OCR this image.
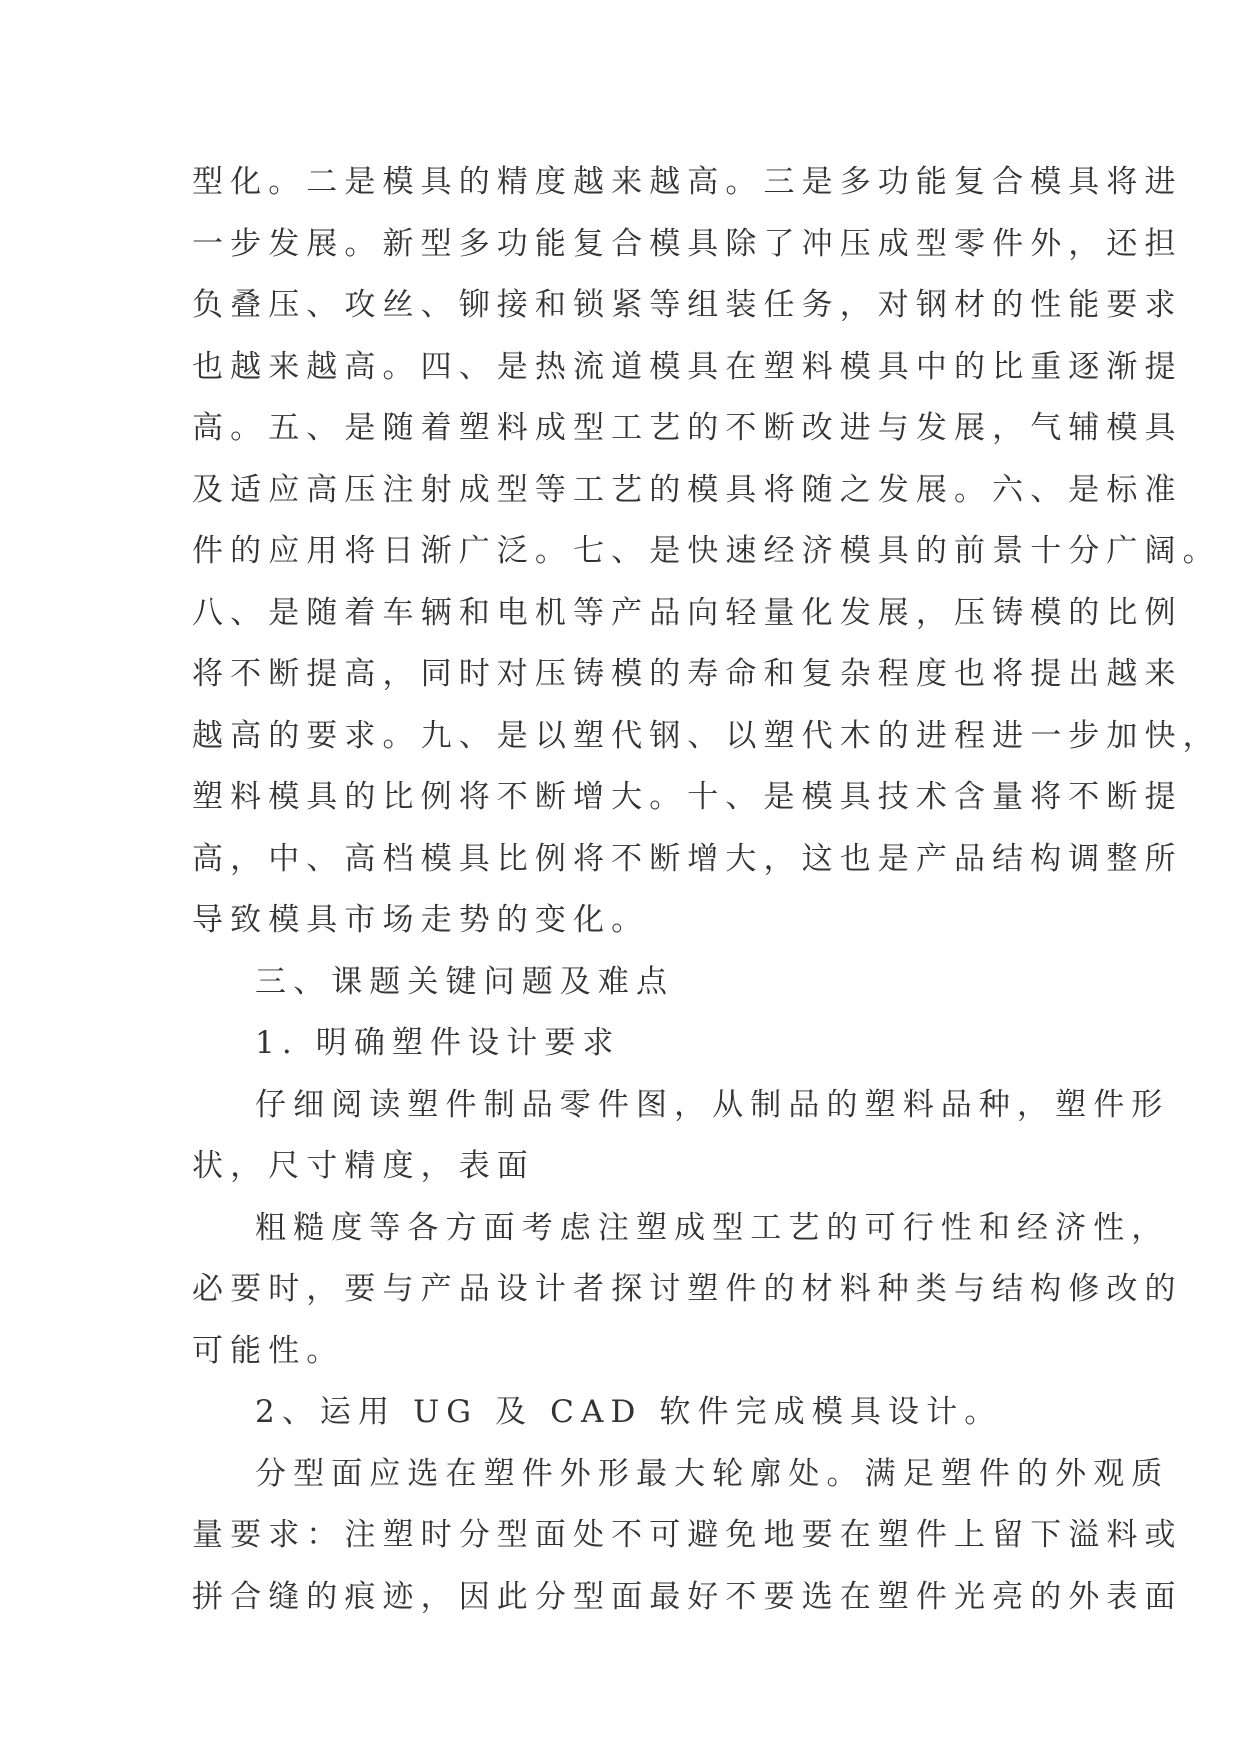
型化。二是模具的精度越来越高。三是多功能复合模具将进
一步发展。新型多功能复合模具除了冲压成型零件外，还担
负叠压、攻丝、铆接和锁紧等组装任务，对钢材的性能要求
也越来越高。四、是热流道模具在塑料模具中的比重逐渐提
高。五、是随着塑料成型工艺的不断改进与发展，气辅模具
及适应高压注射成型等工艺的模具将随之发展。六、是标准
件的应用将日渐广泛。七、是快速经济模具的前景十分广阔。
八、是随着车辆和电机等产品向轻量化发展，压铸模的比例
将不断提高，同时对压铸模的寿命和复杂程度也将提出越来
越高的要求。九、是以塑代钢、以塑代木的进程进一步加快，
塑料模具的比例将不断增大。十、是模具技术含量将不断提
高，中、高档模具比例将不断增大，这也是产品结构调整所
导致模具市场走势的变化。
三、课题关键问题及难点
1. 明确塑件设计要求
仔细阅读塑件制品零件图，从制品的塑料品种，塑件形
状，尺寸精度，表面
粗糙度等各方面考虑注塑成型工艺的可行性和经济性，
必要时，要与产品设计者探讨塑件的材料种类与结构修改的
可能性。
2、运用 UG 及 CAD 软件完成模具设计。
分型面应选在塑件外形最大轮廓处。满足塑件的外观质
量要求：注塑时分型面处不可避免地要在塑件上留下溢料或
拼合缝的痕迹，因此分型面最好不要选在塑件光亮的外表面
